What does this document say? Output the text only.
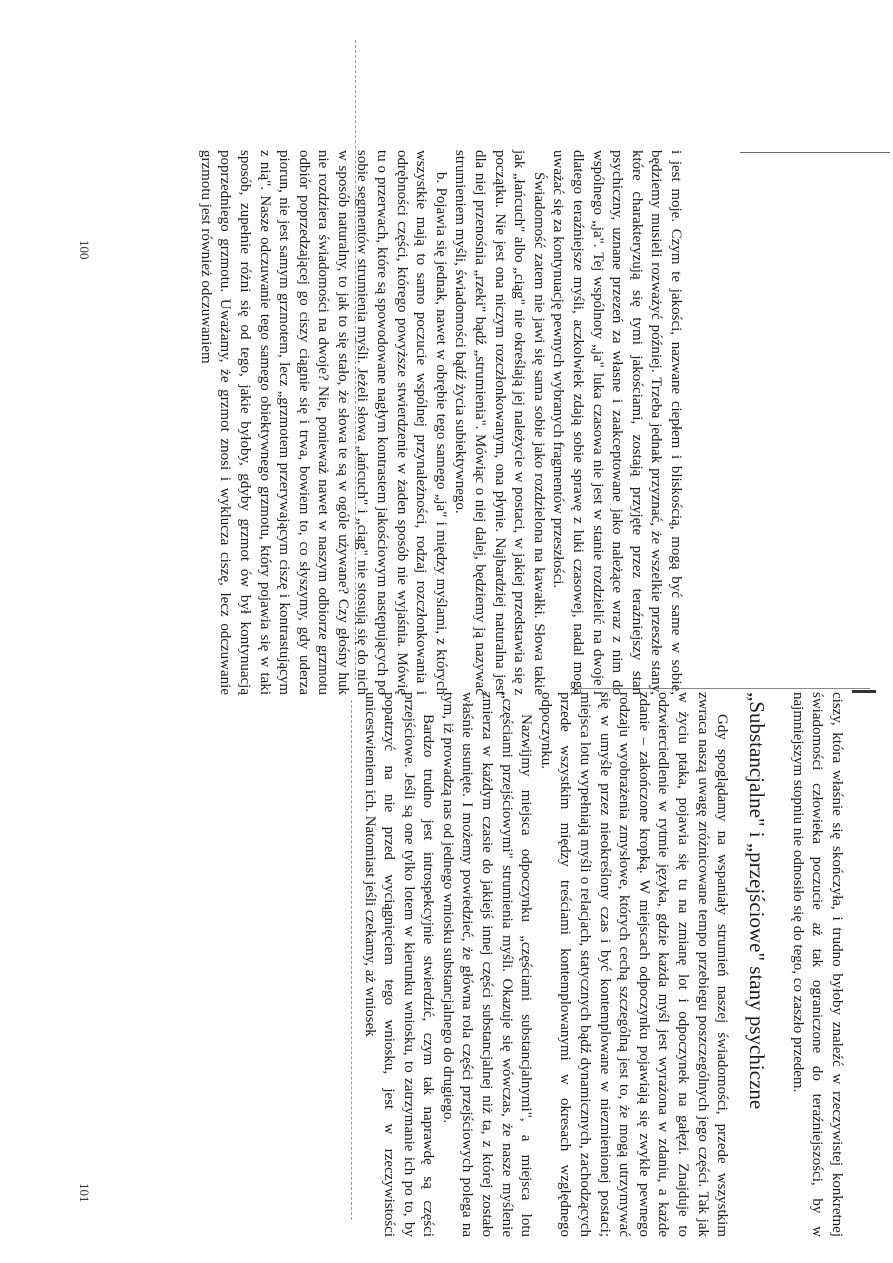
i jest moje. Czym te jakości, nazwane ciepłem i bliskością, mogą być same w sobie, będziemy musieli rozważyć później. Trzeba jednak przyznać, że wszelkie przeszłe stany, które charakteryzują się tymi jakościami, zostają przyjęte przez teraźniejszy stan psychiczny, uznane przezeń za własne i zaakceptowane jako należące wraz z nim do wspólnego „ja". Tej wspólnoty „ja" luka czasowa nie jest w stanie rozdzielić na dwoje i dlatego teraźniejsze myśli, aczkolwiek zdają sobie sprawę z luki czasowej, nadal mogą uważać się za kontynuację pewnych wybranych fragmentów przeszłości.

Świadomość zatem nie jawi się sama sobie jako rozdzielona na kawałki. Słowa takie jak „łańcuch" albo „ciąg" nie określają jej należycie w postaci, w jakiej przedstawia się z początku. Nie jest ona niczym rozczłonkowanym, ona płynie. Najbardziej naturalna jest dla niej przenośnia „rzeki" bądź „strumienia". Mówiąc o niej dalej, będziemy ją nazywać strumieniem myśli, świadomości bądź życia subiektywnego.

b. Pojawia się jednak, nawet w obrębie tego samego „ja" i między myślami, z których wszystkie mają to samo poczucie wspólnej przynależności, rodzaj rozczłonkowania i odrębności części, którego powyższe stwierdzenie w żaden sposób nie wyjaśnia. Mówię tu o przerwach, które są spowodowane nagłym kontrastem jakościowym następujących po sobie segmentów strumienia myśli. Jeżeli słowa „łańcuch" i „ciąg" nie stosują się do nich w sposób naturalny, to jak to się stało, że słowa te są w ogóle używane? Czy głośny huk nie rozdziera świadomości na dwoje? Nie, ponieważ nawet w naszym odbiorze grzmotu odbiór poprzedzającej go ciszy ciągnie się i trwa, bowiem to, co słyszymy, gdy uderza piorun, nie jest samym grzmotem, lecz „grzmotem przerywającym ciszę i kontrastującym z nią". Nasze odczuwanie tego samego obiektywnego grzmotu, który pojawia się w taki sposób, zupełnie różni się od tego, jakie byłoby, gdyby grzmot ów był kontynuacją poprzedniego grzmotu. Uważamy, że grzmot znosi i wyklucza ciszę, lecz odczuwanie grzmotu jest również odczuwaniem

100

ciszy, która właśnie się skończyła, i trudno byłoby znaleźć w rzeczywistej konkretnej świadomości człowieka poczucie aż tak ograniczone do teraźniejszości, by w najmniejszym stopniu nie odnosiło się do tego, co zaszło przedem.

„Substancjalne" i „przejściowe" stany psychiczne

Gdy spoglądamy na wspaniały strumień naszej świadomości, przede wszystkim zwraca naszą uwagę zróżnicowane tempo przebiegu poszczególnych jego części. Tak jak w życiu ptaka, pojawia się tu na zmianę lot i odpoczynek na gałęzi. Znajduje to odzwierciedlenie w rytmie języka, gdzie każda myśl jest wyrażona w zdaniu, a każde zdanie – zakończone kropką. W miejscach odpoczynku pojawiają się zwykle pewnego rodzaju wyobrażenia zmysłowe, których cechą szczególną jest to, że mogą utrzymywać się w umyśle przez nieokreślony czas i być kontemplowane w niezmienionej postaci; miejsca lotu wypełniają myśli o relacjach, statycznych bądź dynamicznych, zachodzących przede wszystkim między treściami kontemplowanymi w okresach względnego odpoczynku.

Nazwijmy miejsca odpoczynku „częściami substancjalnymi", a miejsca lotu „częściami przejściowymi" strumienia myśli. Okazuje się wówczas, że nasze myślenie zmierza w każdym czasie do jakiejś innej części substancjalnej niż ta, z której zostało właśnie usunięte. I możemy powiedzieć, że główna rola części przejściowych polega na tym, iż prowadzą nas od jednego wniosku substancjalnego do drugiego.

Bardzo trudno jest introspekcyjnie stwierdzić, czym tak naprawdę są części przejściowe. Jeśli są one tylko lotem w kierunku wniosku, to zatrzymanie ich po to, by popatrzyć na nie przed wyciągnięciem tego wniosku, jest w rzeczywistości unicestwieniem ich. Natomiast jeśli czekamy, aż wniosek

101
